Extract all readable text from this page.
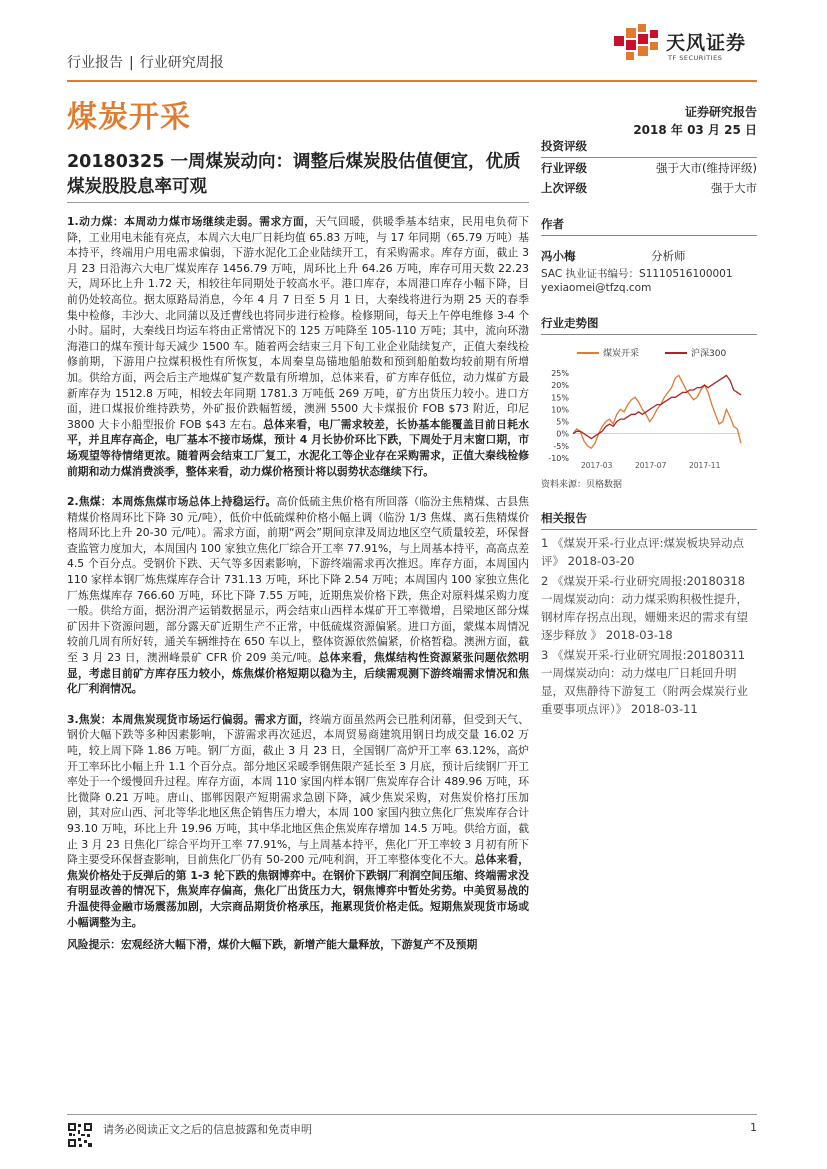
天风证券
TF SECURITIES
行业报告 | 行业研究周报
煤炭开采	证券研究报告
2018 年 03 月 25 日
20180325 一周煤炭动向：调整后煤炭股估值便宜，优质煤炭股股息率可观

1.动力煤：本周动力煤市场继续走弱。需求方面，天气回暖，供暖季基本结束，民用电负荷下降，工业用电未能有亮点，本周六大电厂日耗均值 65.83 万吨，与 17 年同期（65.79 万吨）基本持平，终端用户用电需求偏弱，下游水泥化工企业陆续开工，有采购需求。库存方面，截止 3 月 23 日沿海六大电厂煤炭库存 1456.79 万吨，周环比上升 64.26 万吨，库存可用天数 22.23 天，周环比上升 1.72 天，相较往年同期处于较高水平。港口库存，本周港口库存小幅下降，目前仍处较高位。据太原路局消息，今年 4 月 7 日至 5 月 1 日，大秦线将进行为期 25 天的春季集中检修，丰沙大、北同蒲以及迁曹线也将同步进行检修。检修期间，每天上午停电维修 3-4 个小时。届时，大秦线日均运车将由正常情况下的 125 万吨降至 105-110 万吨；其中，流向环渤海港口的煤车预计每天减少 1500 车。随着两会结束三月下旬工业企业陆续复产，正值大秦线检修前期，下游用户拉煤积极性有所恢复，本周秦皇岛锚地船舶数和预到船舶数均较前期有所增加。供给方面，两会后主产地煤矿复产数量有所增加，总体来看，矿方库存低位，动力煤矿方最新库存为 1512.8 万吨，相较去年同期 1781.3 万吨低 269 万吨，矿方出货压力较小。进口方面，进口煤报价维持跌势，外矿报价跌幅暂缓，澳洲 5500 大卡煤报价 FOB $73 附近，印尼 3800 大卡小船型报价 FOB $43 左右。总体来看，电厂需求较差，长协基本能覆盖目前日耗水平，并且库存高企，电厂基本不接市场煤，预计 4 月长协价环比下跌，下周处于月末窗口期，市场观望等待情绪更浓。随着两会结束工厂复工，水泥化工等企业存在采购需求，正值大秦线检修前期和动力煤消费淡季，整体来看，动力煤价格预计将以弱势状态继续下行。

2.焦煤：本周炼焦煤市场总体上持稳运行。高价低硫主焦价格有所回落（临汾主焦精煤、古县焦精煤价格周环比下降 30 元/吨），低价中低硫煤种价格小幅上调（临汾 1/3 焦煤、离石焦精煤价格周环比上升 20-30 元/吨）。需求方面，前期“两会”期间京津及周边地区空气质量较差，环保督查监管力度加大，本周国内 100 家独立焦化厂综合开工率 77.91%，与上周基本持平，高高点差 4.5 个百分点。受钢价下跌、天气等多因素影响，下游终端需求再次推迟。库存方面，本周国内 110 家样本钢厂炼焦煤库存合计 731.13 万吨，环比下降 2.54 万吨；本周国内 100 家独立焦化厂炼焦煤库存 766.60 万吨，环比下降 7.55 万吨，近期焦炭价格下跌，焦企对原料煤采购力度一般。供给方面，据汾渭产运销数据显示，两会结束山西样本煤矿开工率微增，吕梁地区部分煤矿因井下资源问题，部分露天矿近期生产不正常，中低硫煤资源偏紧。进口方面，蒙煤本周情况较前几周有所好转，通关车辆维持在 650 车以上，整体资源依然偏紧，价格暂稳。澳洲方面，截至 3 月 23 日，澳洲峰景矿 CFR 价 209 美元/吨。总体来看，焦煤结构性资源紧张问题依然明显，考虑目前矿方库存压力较小，炼焦煤价格短期以稳为主，后续需观测下游终端需求情况和焦化厂利润情况。

3.焦炭：本周焦炭现货市场运行偏弱。需求方面，终端方面虽然两会已胜利闭幕，但受到天气、钢价大幅下跌等多种因素影响，下游需求再次延迟，本周贸易商建筑用钢日均成交量 16.02 万吨，较上周下降 1.86 万吨。钢厂方面，截止 3 月 23 日，全国钢厂高炉开工率 63.12%，高炉开工率环比小幅上升 1.1 个百分点。部分地区采暖季钢焦限产延长至 3 月底，预计后续钢厂开工率处于一个缓慢回升过程。库存方面，本周 110 家国内样本钢厂焦炭库存合计 489.96 万吨，环比微降 0.21 万吨。唐山、邯郸因限产短期需求急剧下降，减少焦炭采购，对焦炭价格打压加剧，其对应山西、河北等华北地区焦企销售压力增大，本周 100 家国内独立焦化厂焦炭库存合计 93.10 万吨，环比上升 19.96 万吨，其中华北地区焦企焦炭库存增加 14.5 万吨。供给方面，截止 3 月 23 日焦化厂综合平均开工率 77.91%，与上周基本持平，焦化厂开工率较 3 月初有所下降主要受环保督查影响，目前焦化厂仍有 50-200 元/吨利润，开工率整体变化不大。总体来看，焦炭价格处于反弹后的第 1-3 轮下跌的焦钢博弈中。在钢价下跌钢厂利润空间压缩、终端需求没有明显改善的情况下，焦炭库存偏高，焦化厂出货压力大，钢焦博弈中暂处劣势。中美贸易战的升温使得金融市场震荡加剧，大宗商品期货价格承压，拖累现货价格走低。短期焦炭现货市场或小幅调整为主。

风险提示：宏观经济大幅下滑，煤价大幅下跌，新增产能大量释放，下游复产不及预期

投资评级
行业评级	强于大市(维持评级)
上次评级	强于大市
作者
冯小梅	分析师
SAC 执业证书编号：S1110516100001
yexiaomei@tfzq.com
行业走势图
25%
20%
15%
10%
5%
0%
-5%
-10%
2017-03	2017-07	2017-11
煤炭开采	沪深300
资料来源：贝格数据
相关报告
1 《煤炭开采-行业点评:煤炭板块异动点评》 2018-03-20
2 《煤炭开采-行业研究周报:20180318 一周煤炭动向：动力煤采购积极性提升，钢材库存拐点出现，姗姗来迟的需求有望逐步释放 》 2018-03-18
3 《煤炭开采-行业研究周报:20180311 一周煤炭动向：动力煤电厂日耗回升明显，双焦静待下游复工（附两会煤炭行业重要事项点评）》 2018-03-11
请务必阅读正文之后的信息披露和免责申明	1
